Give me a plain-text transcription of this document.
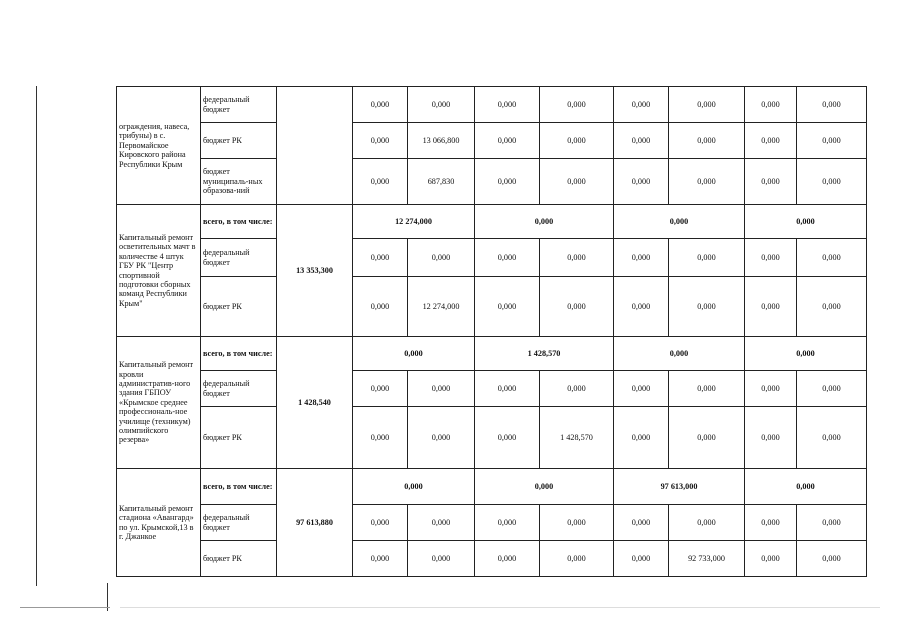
ограждения, навеса, трибуны) в с. Первомайское Кировского района Республики Крым	федеральный бюджет		0,000	0,000	0,000	0,000	0,000	0,000	0,000	0,000
	бюджет РК		0,000	13 066,800	0,000	0,000	0,000	0,000	0,000	0,000
	бюджет муниципаль-ных образова-ний		0,000	687,830	0,000	0,000	0,000	0,000	0,000	0,000
Капитальный ремонт осветительных мачт в количестве 4 штук ГБУ РК "Центр спортивной подготовки сборных команд Республики Крым"	всего, в том числе:	13 353,300	12 274,000		0,000		0,000		0,000	
	федеральный бюджет		0,000	0,000	0,000	0,000	0,000	0,000	0,000	0,000
	бюджет РК		0,000	12 274,000	0,000	0,000	0,000	0,000	0,000	0,000
Капитальный ремонт кровли административ-ного здания ГБПОУ «Крымское среднее профессиональ-ное училище (техникум) олимпийского резерва»	всего, в том числе:	1 428,540	0,000		1 428,570		0,000		0,000	
	федеральный бюджет		0,000	0,000	0,000	0,000	0,000	0,000	0,000	0,000
	бюджет РК		0,000	0,000	0,000	1 428,570	0,000	0,000	0,000	0,000
Капитальный ремонт стадиона «Авангард» по ул. Крымской,13 в г. Джанкое	всего, в том числе:	97 613,880	0,000		0,000		97 613,000		0,000	
	федеральный бюджет		0,000	0,000	0,000	0,000	0,000	0,000	0,000	0,000
	бюджет РК		0,000	0,000	0,000	0,000	0,000	92 733,000	0,000	0,000
